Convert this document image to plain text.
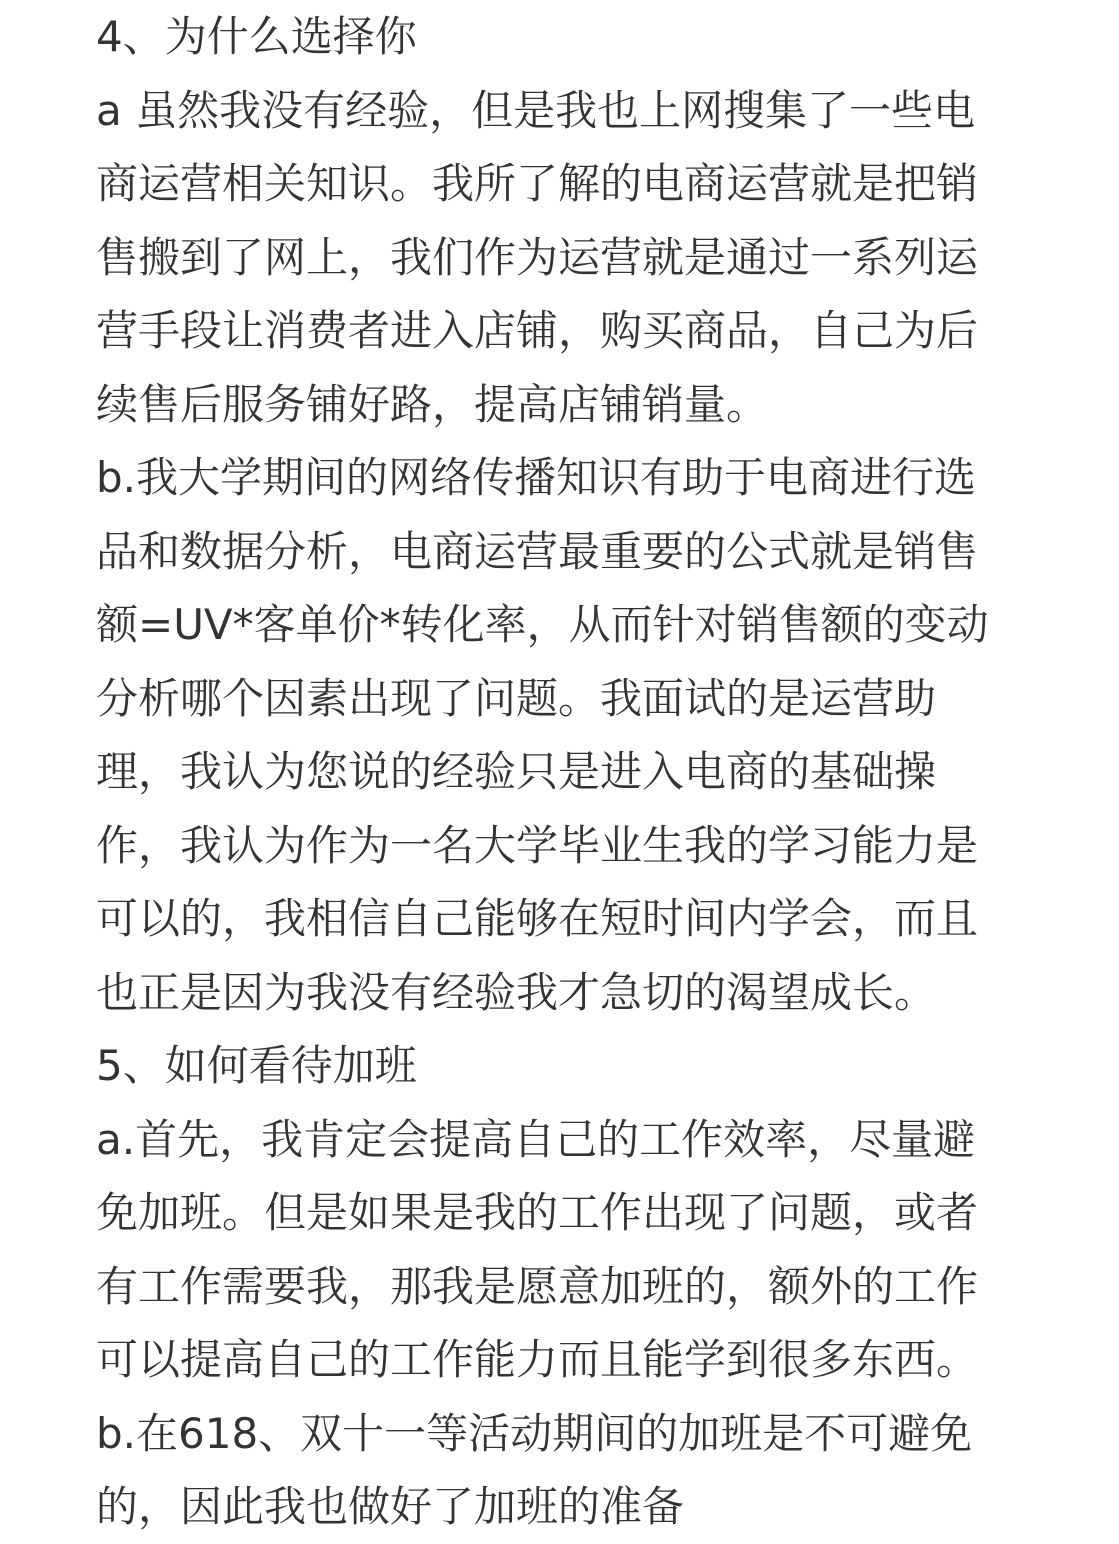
4、为什么选择你
a 虽然我没有经验，但是我也上网搜集了一些电
商运营相关知识。我所了解的电商运营就是把销
售搬到了网上，我们作为运营就是通过一系列运
营手段让消费者进入店铺，购买商品，自己为后
续售后服务铺好路，提高店铺销量。
b.我大学期间的网络传播知识有助于电商进行选
品和数据分析，电商运营最重要的公式就是销售
额=UV*客单价*转化率，从而针对销售额的变动
分析哪个因素出现了问题。我面试的是运营助
理，我认为您说的经验只是进入电商的基础操
作，我认为作为一名大学毕业生我的学习能力是
可以的，我相信自己能够在短时间内学会，而且
也正是因为我没有经验我才急切的渴望成长。
5、如何看待加班
a.首先，我肯定会提高自己的工作效率，尽量避
免加班。但是如果是我的工作出现了问题，或者
有工作需要我，那我是愿意加班的，额外的工作
可以提高自己的工作能力而且能学到很多东西。
b.在618、双十一等活动期间的加班是不可避免
的，因此我也做好了加班的准备
